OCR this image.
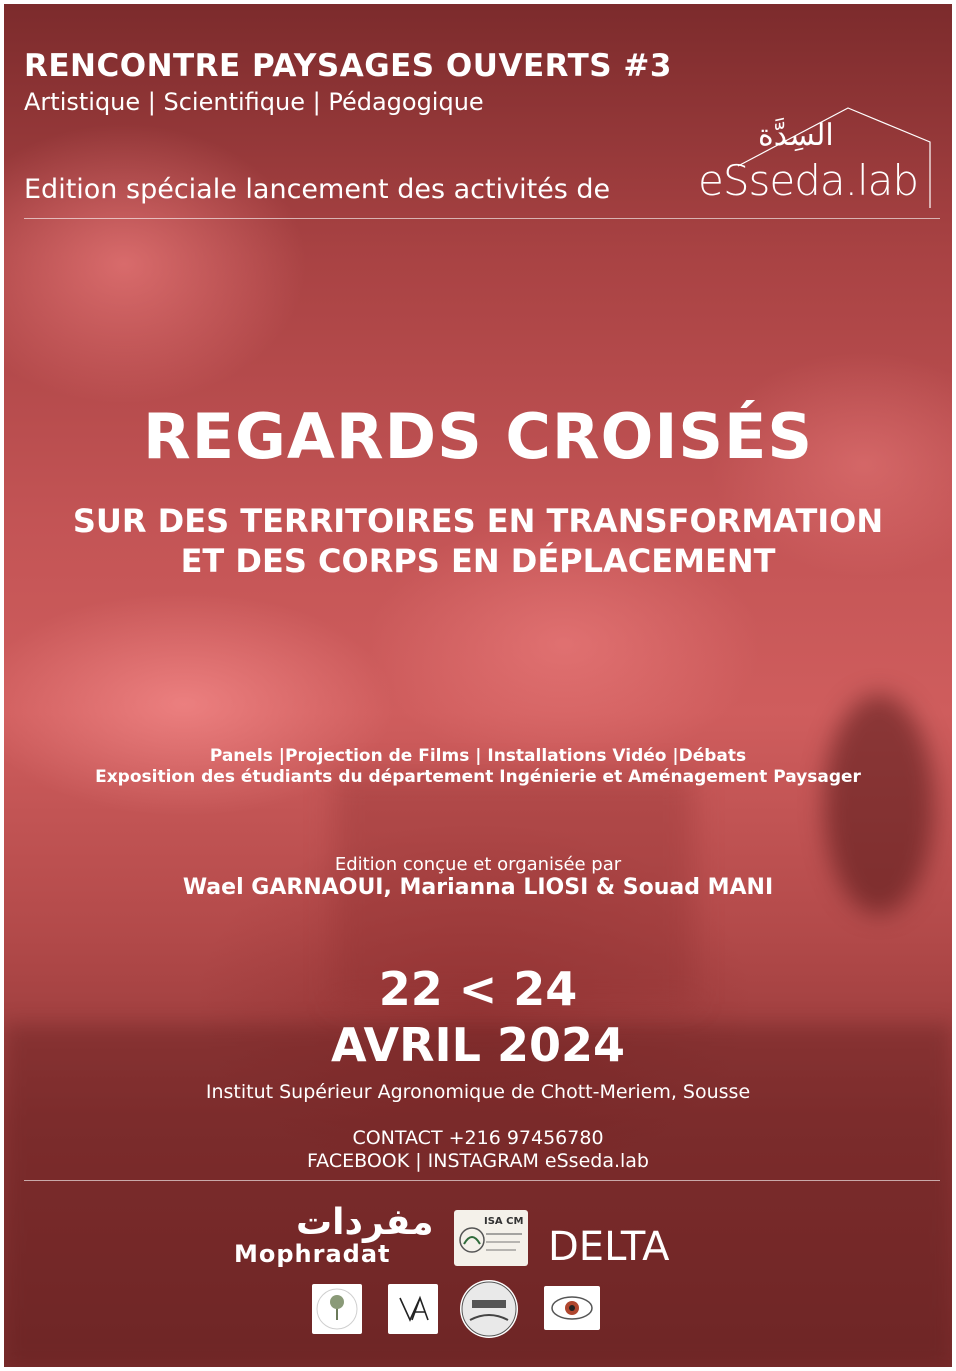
RENCONTRE PAYSAGES OUVERTS #3
Artistique | Scientifique | Pédagogique
Edition spéciale lancement des activités de
السِدَّة
eSseda.lab
REGARDS CROISÉS
SUR DES TERRITOIRES EN TRANSFORMATION
ET DES CORPS EN DÉPLACEMENT
Panels |Projection de Films | Installations Vidéo |Débats
Exposition des étudiants du département Ingénierie et Aménagement Paysager
Edition conçue et organisée par
Wael GARNAOUI, Marianna LIOSI & Souad MANI
22 < 24
AVRIL 2024
Institut Supérieur Agronomique de Chott-Meriem, Sousse
CONTACT +216 97456780
FACEBOOK | INSTAGRAM eSseda.lab
مفردات
Mophradat
ISA CM
DELTA
